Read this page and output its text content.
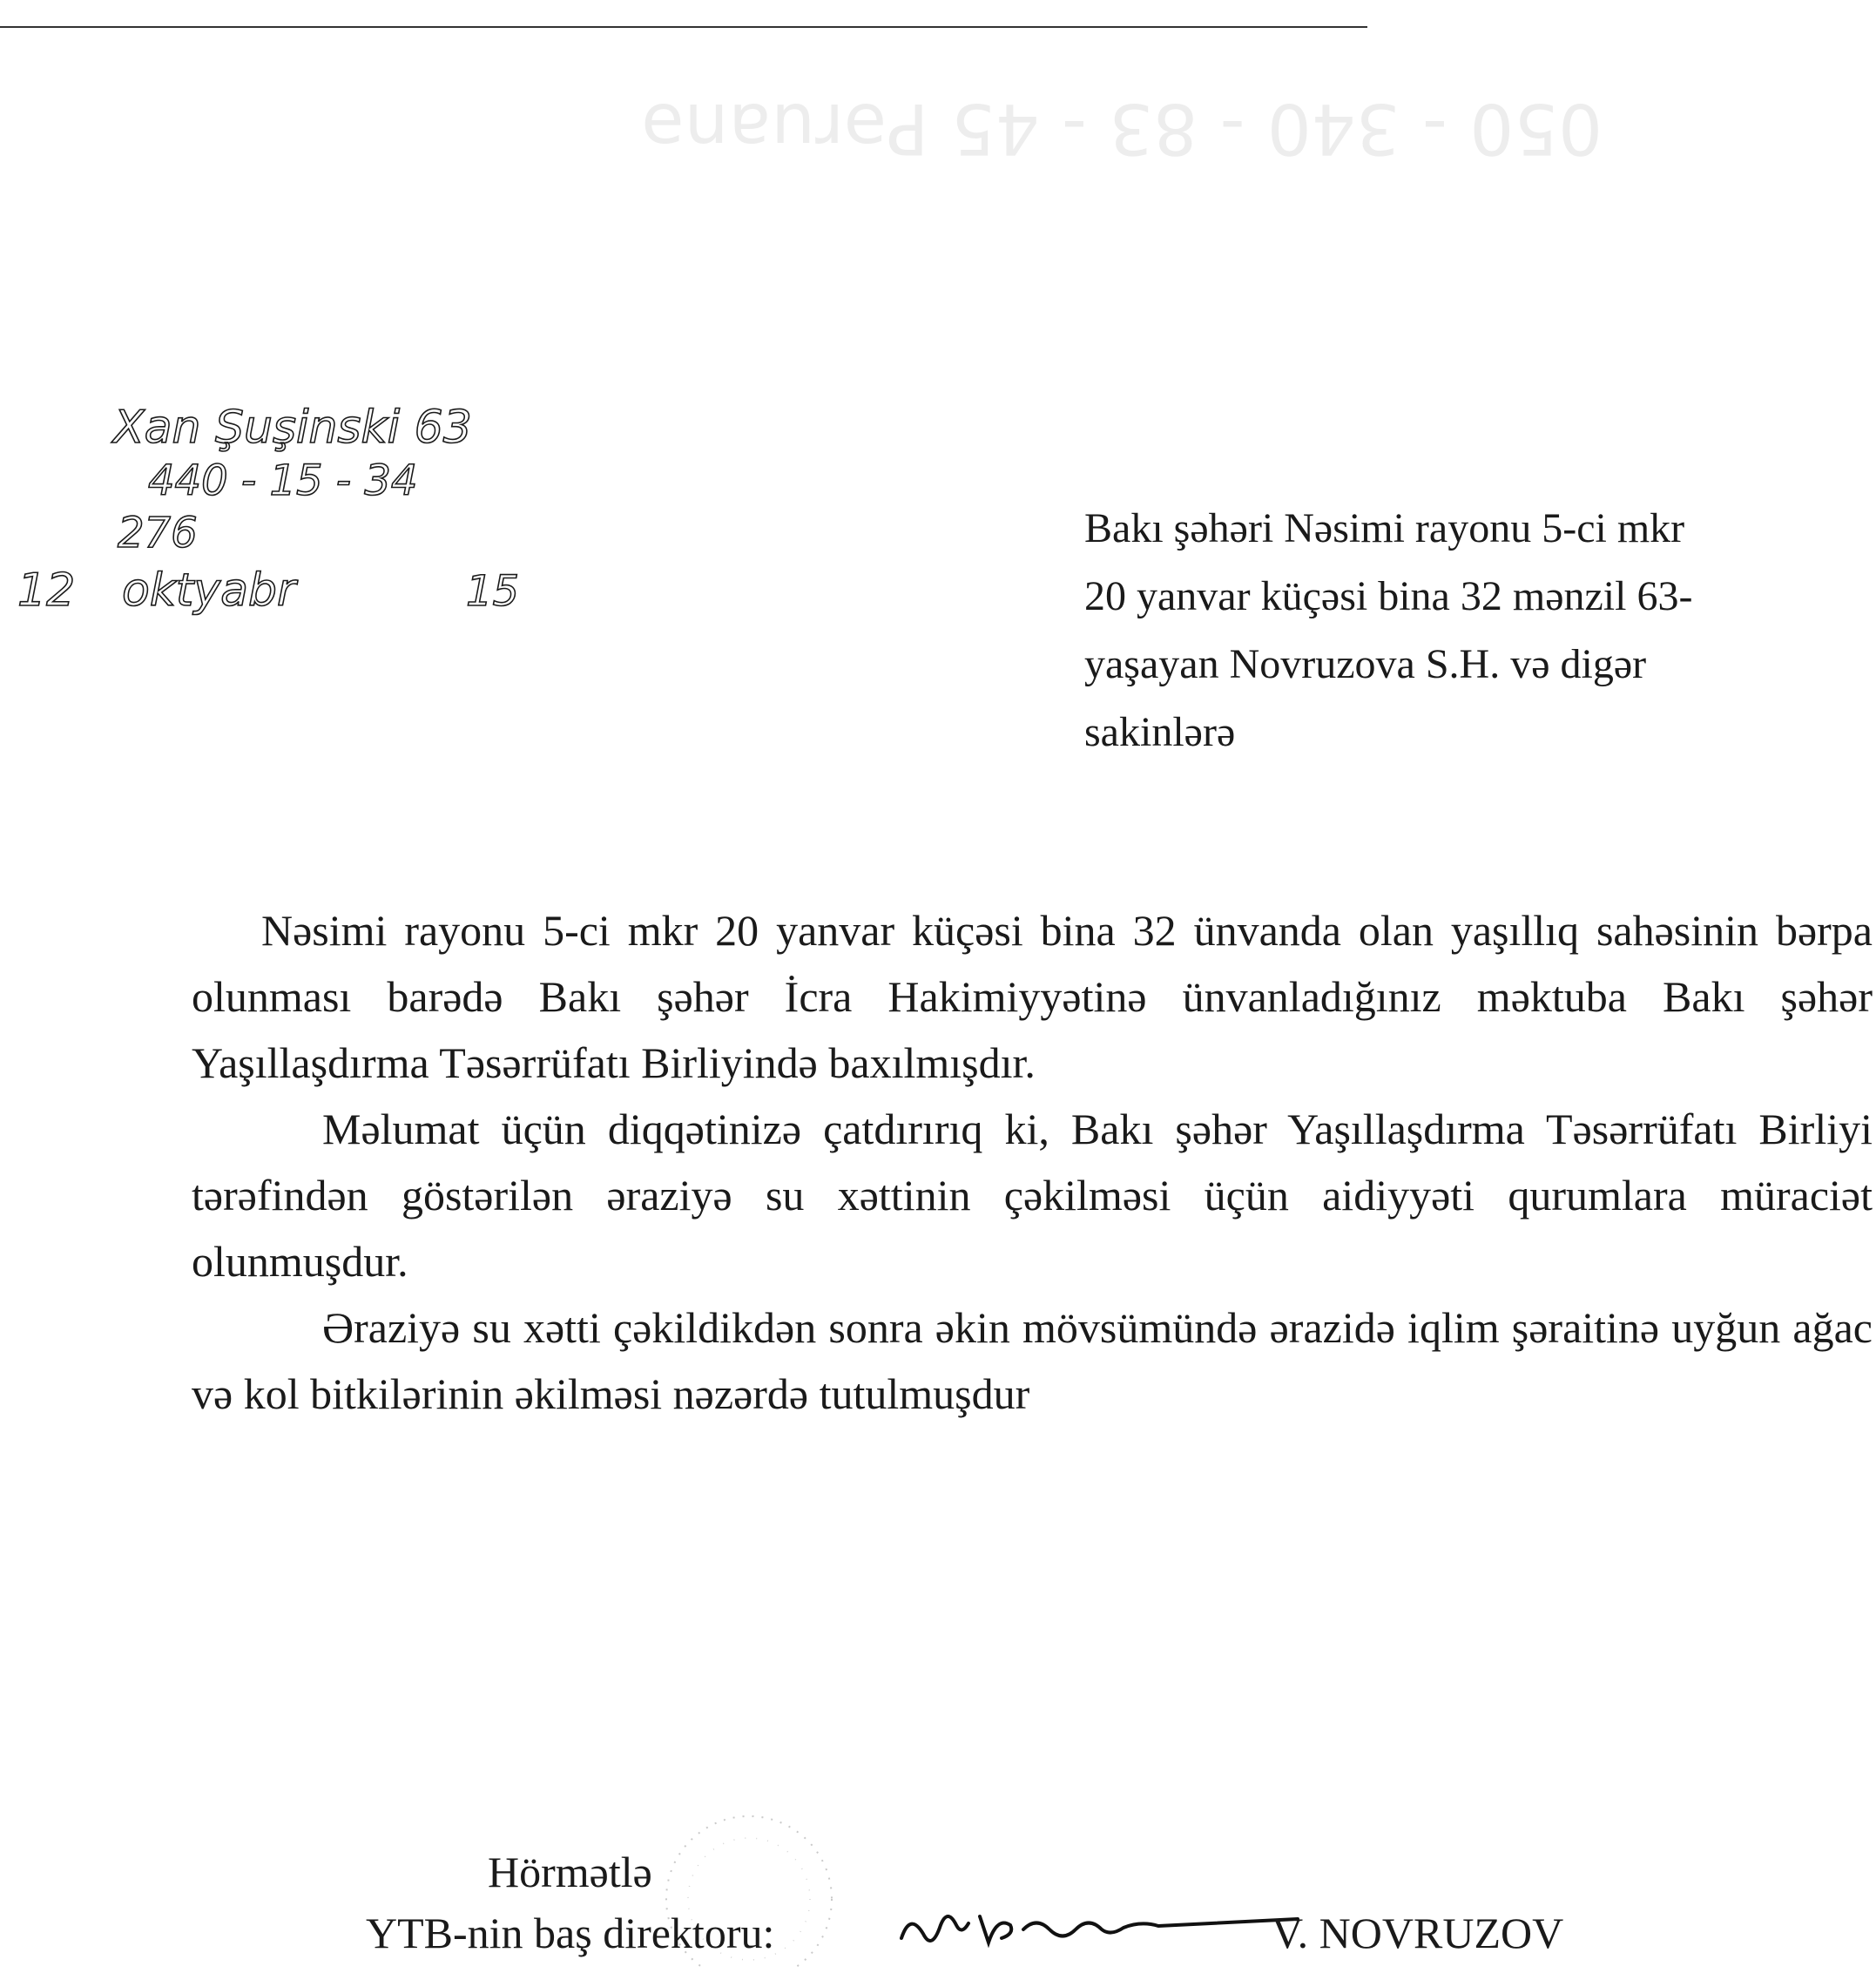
050 - 340 - 83 - 45 Pəruanə
Xan Şuşinski 63
440 - 15 - 34
276
12 oktyabr	15
Bakı şəhəri Nəsimi rayonu 5-ci mkr
20 yanvar küçəsi bina 32 mənzil 63-
yaşayan Novruzova S.H. və digər
sakinlərə

Nəsimi rayonu 5-ci mkr 20 yanvar küçəsi bina 32 ünvanda olan yaşıllıq sahəsinin bərpa olunması barədə Bakı şəhər İcra Hakimiyyətinə ünvanladığınız məktuba Bakı şəhər Yaşıllaşdırma Təsərrüfatı Birliyində baxılmışdır.

Məlumat üçün diqqətinizə çatdırırıq ki, Bakı şəhər Yaşıllaşdırma Təsərrüfatı Birliyi tərəfindən göstərilən əraziyə su xəttinin çəkilməsi üçün aidiyyəti qurumlara müraciət olunmuşdur.

Əraziyə su xətti çəkildikdən sonra əkin mövsümündə ərazidə iqlim şəraitinə uyğun ağac və kol bitkilərinin əkilməsi nəzərdə tutulmuşdur

Hörmətlə
YTB-nin baş direktoru:	V. NOVRUZOV
